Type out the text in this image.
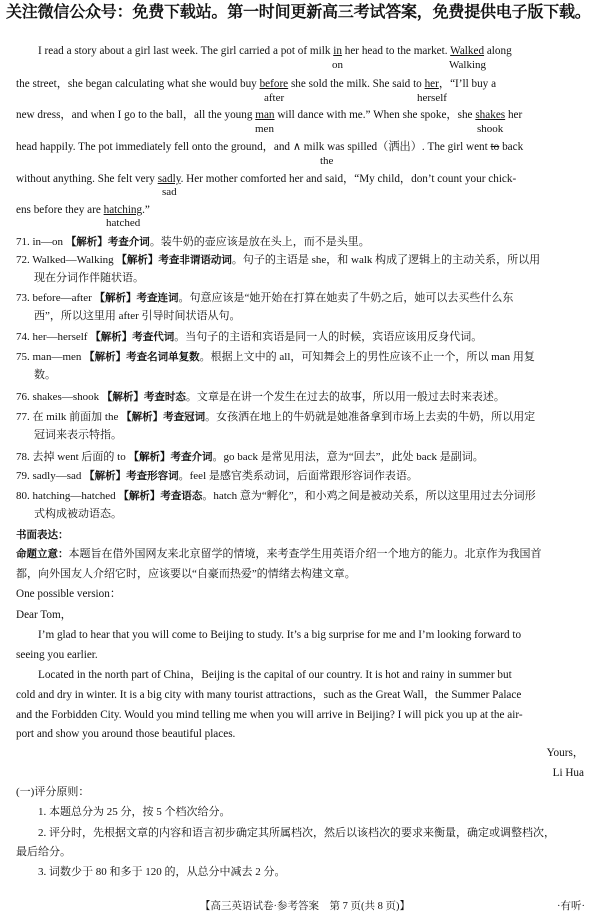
关注微信公众号：免费下载站。第一时间更新高三考试答案，免费提供电子版下载。
I read a story about a girl last week. The girl carried a pot of milk in her head to the market. Walked along
on	Walking
the street，she began calculating what she would buy before she sold the milk. She said to her，“I’ll buy a
after	herself
new dress，and when I go to the ball，all the young man will dance with me.” When she spoke，she shakes her
men	shook
head happily. The pot immediately fell onto the ground，and ∧ milk was spilled（洒出）. The girl went to back
the
without anything. She felt very sadly. Her mother comforted her and said，“My child，don’t count your chick-
sad
ens before they are hatching.”
hatched
71. in—on 【解析】考查介词。装牛奶的壶应该是放在头上，而不是头里。
72. Walked—Walking 【解析】考查非谓语动词。句子的主语是 she，和 walk 构成了逻辑上的主动关系，所以用
现在分词作伴随状语。
73. before—after 【解析】考查连词。句意应该是“她开始在打算在她卖了牛奶之后，她可以去买些什么东
西”，所以这里用 after 引导时间状语从句。
74. her—herself 【解析】考查代词。当句子的主语和宾语是同一人的时候，宾语应该用反身代词。
75. man—men 【解析】考查名词单复数。根据上文中的 all，可知舞会上的男性应该不止一个，所以 man 用复
数。
76. shakes—shook 【解析】考查时态。文章是在讲一个发生在过去的故事，所以用一般过去时来表述。
77. 在 milk 前面加 the 【解析】考查冠词。女孩洒在地上的牛奶就是她准备拿到市场上去卖的牛奶，所以用定
冠词来表示特指。
78. 去掉 went 后面的 to 【解析】考查介词。go back 是常见用法，意为“回去”，此处 back 是副词。
79. sadly—sad 【解析】考查形容词。feel 是感官类系动词，后面常跟形容词作表语。
80. hatching—hatched 【解析】考查语态。hatch 意为“孵化”，和小鸡之间是被动关系，所以这里用过去分词形
式构成被动语态。
书面表达：
命题立意：本题旨在借外国网友来北京留学的情境，来考查学生用英语介绍一个地方的能力。北京作为我国首
都，向外国友人介绍它时，应该要以“自豪而热爱”的情绪去构建文章。
One possible version：
Dear Tom，
I’m glad to hear that you will come to Beijing to study. It’s a big surprise for me and I’m looking forward to
seeing you earlier.
Located in the north part of China，Beijing is the capital of our country. It is hot and rainy in summer but
cold and dry in winter. It is a big city with many tourist attractions，such as the Great Wall，the Summer Palace
and the Forbidden City. Would you mind telling me when you will arrive in Beijing? I will pick you up at the air-
port and show you around those beautiful places.
Yours，
Li Hua
(一)评分原则：
1. 本题总分为 25 分，按 5 个档次给分。
2. 评分时，先根据文章的内容和语言初步确定其所属档次，然后以该档次的要求来衡量，确定或调整档次，
最后给分。
3. 词数少于 80 和多于 120 的，从总分中减去 2 分。
【高三英语试卷·参考答案　第 7 页(共 8 页)】	·有听·
